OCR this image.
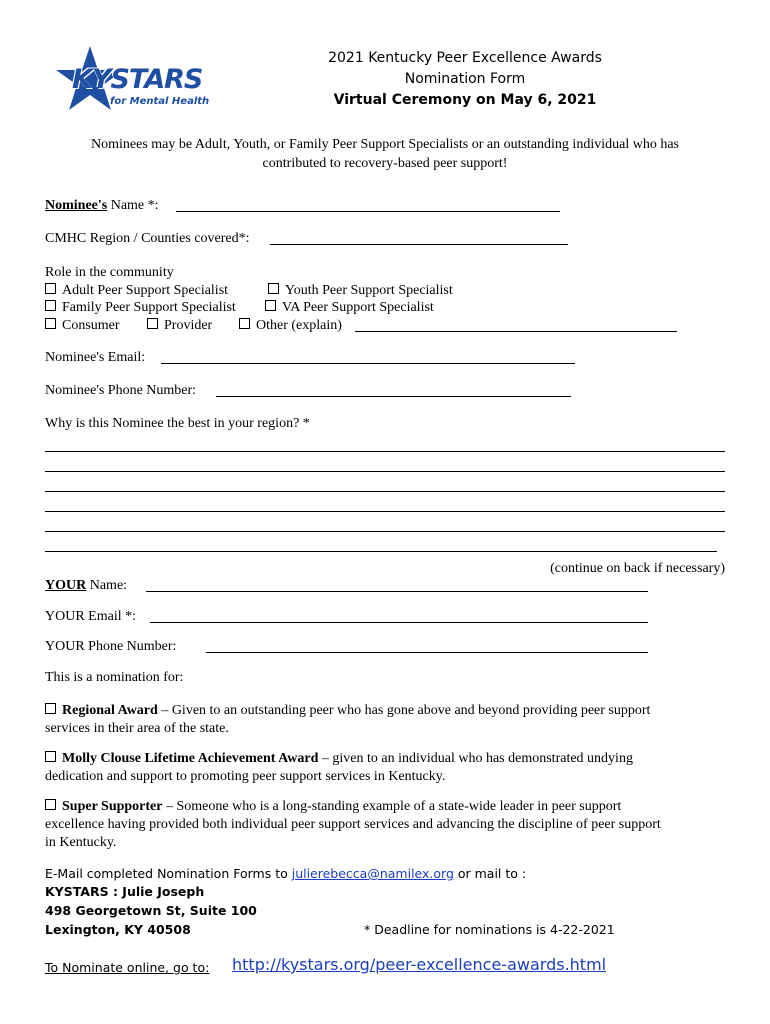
KYSTARS
for Mental Health
2021 Kentucky Peer Excellence Awards
Nomination Form
Virtual Ceremony on May 6, 2021
Nominees may be Adult, Youth, or Family Peer Support Specialists or an outstanding individual who has
contributed to recovery-based peer support!
Nominee's Name *:
CMHC Region / Counties covered*:
Role in the community
Adult Peer Support Specialist	Youth Peer Support Specialist
Family Peer Support Specialist	VA Peer Support Specialist
Consumer	Provider	Other (explain)
Nominee's Email:
Nominee's Phone Number:
Why is this Nominee the best in your region? *
(continue on back if necessary)
YOUR Name:
YOUR Email *:
YOUR Phone Number:
This is a nomination for:
Regional Award – Given to an outstanding peer who has gone above and beyond providing peer support
services in their area of the state.
Molly Clouse Lifetime Achievement Award – given to an individual who has demonstrated undying
dedication and support to promoting peer support services in Kentucky.
Super Supporter – Someone who is a long-standing example of a state-wide leader in peer support
excellence having provided both individual peer support services and advancing the discipline of peer support
in Kentucky.
E-Mail completed Nomination Forms to julierebecca@namilex.org or mail to :
KYSTARS : Julie Joseph
498 Georgetown St, Suite 100
Lexington, KY 40508	* Deadline for nominations is 4-22-2021
To Nominate online, go to: http://kystars.org/peer-excellence-awards.html
